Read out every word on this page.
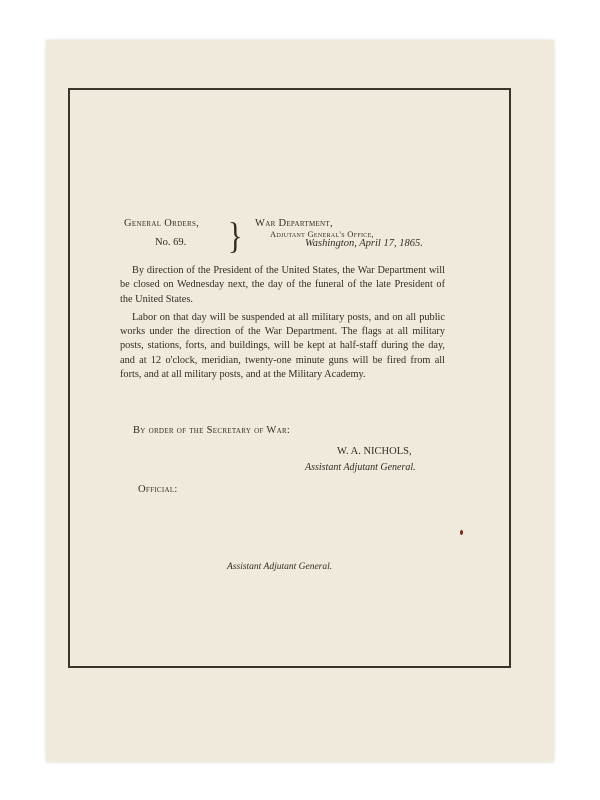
General Orders,
No. 69. } War Department,
Adjutant General's Office,
Washington, April 17, 1865.

By direction of the President of the United States, the War Department will be closed on Wednesday next, the day of the funeral of the late President of the United States.

Labor on that day will be suspended at all military posts, and on all public works under the direction of the War Department. The flags at all military posts, stations, forts, and buildings, will be kept at half-staff during the day, and at 12 o'clock, meridian, twenty-one minute guns will be fired from all forts, and at all military posts, and at the Military Academy.

By order of the Secretary of War:
W. A. NICHOLS,
Assistant Adjutant General.
Official:
Assistant Adjutant General.
